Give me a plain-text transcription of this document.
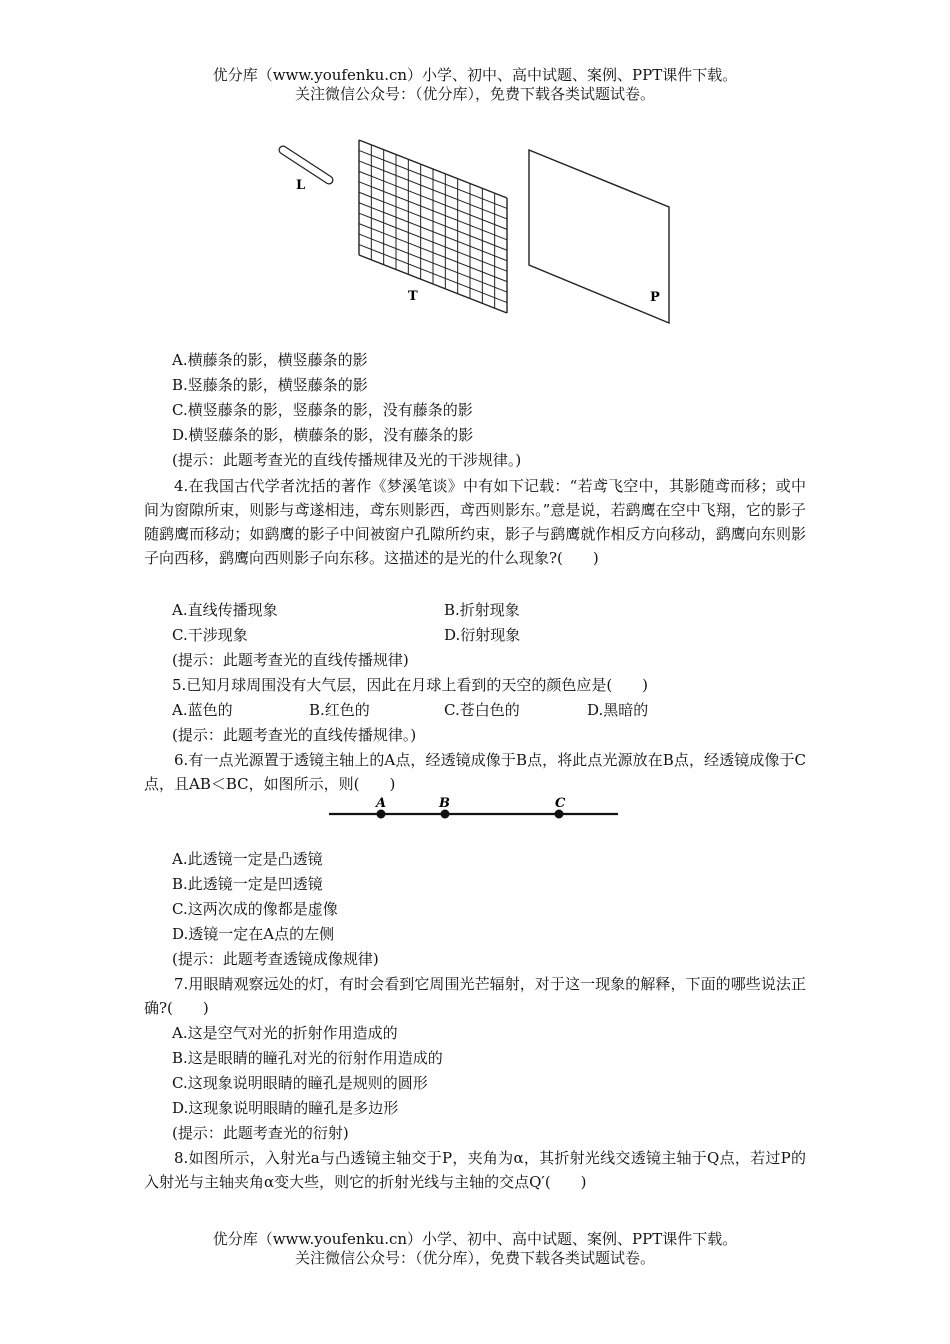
优分库（www.youfenku.cn）小学、初中、高中试题、案例、PPT课件下载。
关注微信公众号：（优分库），免费下载各类试题试卷。
L
T	P
A.横藤条的影，横竖藤条的影
B.竖藤条的影，横竖藤条的影
C.横竖藤条的影，竖藤条的影，没有藤条的影
D.横竖藤条的影，横藤条的影，没有藤条的影
(提示：此题考查光的直线传播规律及光的干涉规律。)
4.在我国古代学者沈括的著作《梦溪笔谈》中有如下记载：“若鸢飞空中，其影随鸢而移；或中间为窗隙所束，则影与鸢遂相违，鸢东则影西，鸢西则影东。”意是说，若鹞鹰在空中飞翔，它的影子随鹞鹰而移动；如鹞鹰的影子中间被窗户孔隙所约束，影子与鹞鹰就作相反方向移动，鹞鹰向东则影子向西移，鹞鹰向西则影子向东移。这描述的是光的什么现象?(　　)
A.直线传播现象	B.折射现象
C.干涉现象	D.衍射现象
(提示：此题考查光的直线传播规律)
5.已知月球周围没有大气层，因此在月球上看到的天空的颜色应是(　　)
A.蓝色的	B.红色的	C.苍白色的	D.黑暗的
(提示：此题考查光的直线传播规律。)
6.有一点光源置于透镜主轴上的A点，经透镜成像于B点，将此点光源放在B点，经透镜成像于C点，且AB＜BC，如图所示，则(　　)
A	B	C
A.此透镜一定是凸透镜
B.此透镜一定是凹透镜
C.这两次成的像都是虚像
D.透镜一定在A点的左侧
(提示：此题考查透镜成像规律)
7.用眼睛观察远处的灯，有时会看到它周围光芒辐射，对于这一现象的解释，下面的哪些说法正确?(　　)
A.这是空气对光的折射作用造成的
B.这是眼睛的瞳孔对光的衍射作用造成的
C.这现象说明眼睛的瞳孔是规则的圆形
D.这现象说明眼睛的瞳孔是多边形
(提示：此题考查光的衍射)
8.如图所示，入射光a与凸透镜主轴交于P，夹角为α，其折射光线交透镜主轴于Q点，若过P的入射光与主轴夹角α变大些，则它的折射光线与主轴的交点Q′(　　)
优分库（www.youfenku.cn）小学、初中、高中试题、案例、PPT课件下载。
关注微信公众号：（优分库），免费下载各类试题试卷。
